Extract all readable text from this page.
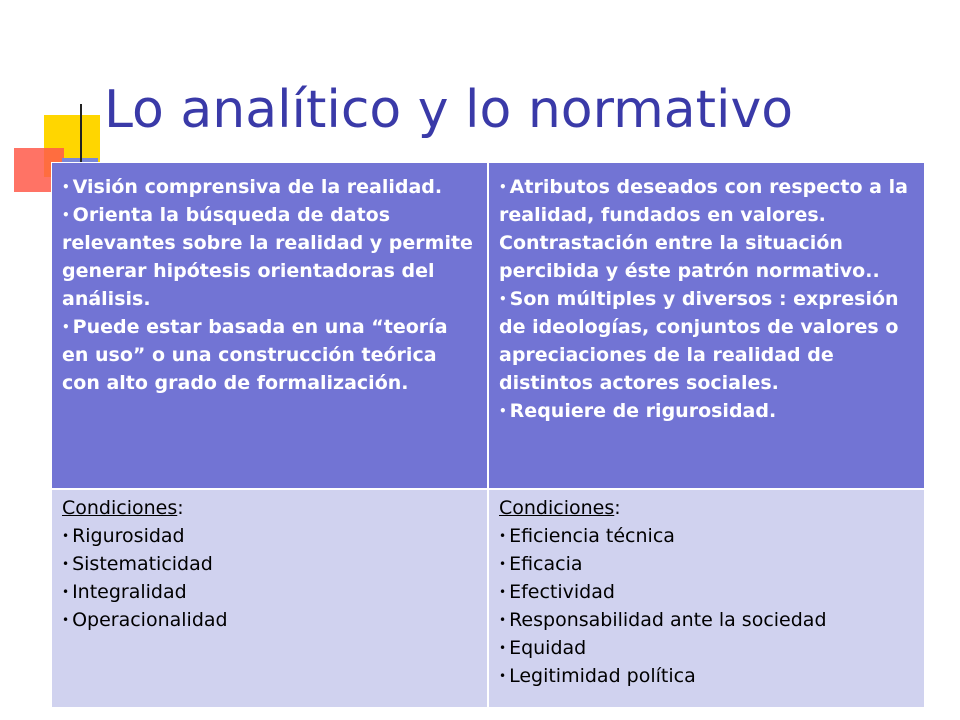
Lo analítico y lo normativo
• Visión comprensiva de la realidad.
• Orienta la búsqueda de datos relevantes sobre la realidad y permite generar hipótesis orientadoras del análisis.
• Puede estar basada en una “teoría en uso” o una construcción teórica con alto grado de formalización.
• Atributos deseados con respecto a la realidad, fundados en valores. Contrastación entre la situación percibida y éste patrón normativo..
• Son múltiples y diversos : expresión de ideologías, conjuntos de valores o apreciaciones de la realidad de distintos actores sociales.
• Requiere de rigurosidad.
Condiciones:
• Rigurosidad
• Sistematicidad
• Integralidad
• Operacionalidad
Condiciones:
• Eficiencia técnica
• Eficacia
• Efectividad
• Responsabilidad ante la sociedad
• Equidad
• Legitimidad política
